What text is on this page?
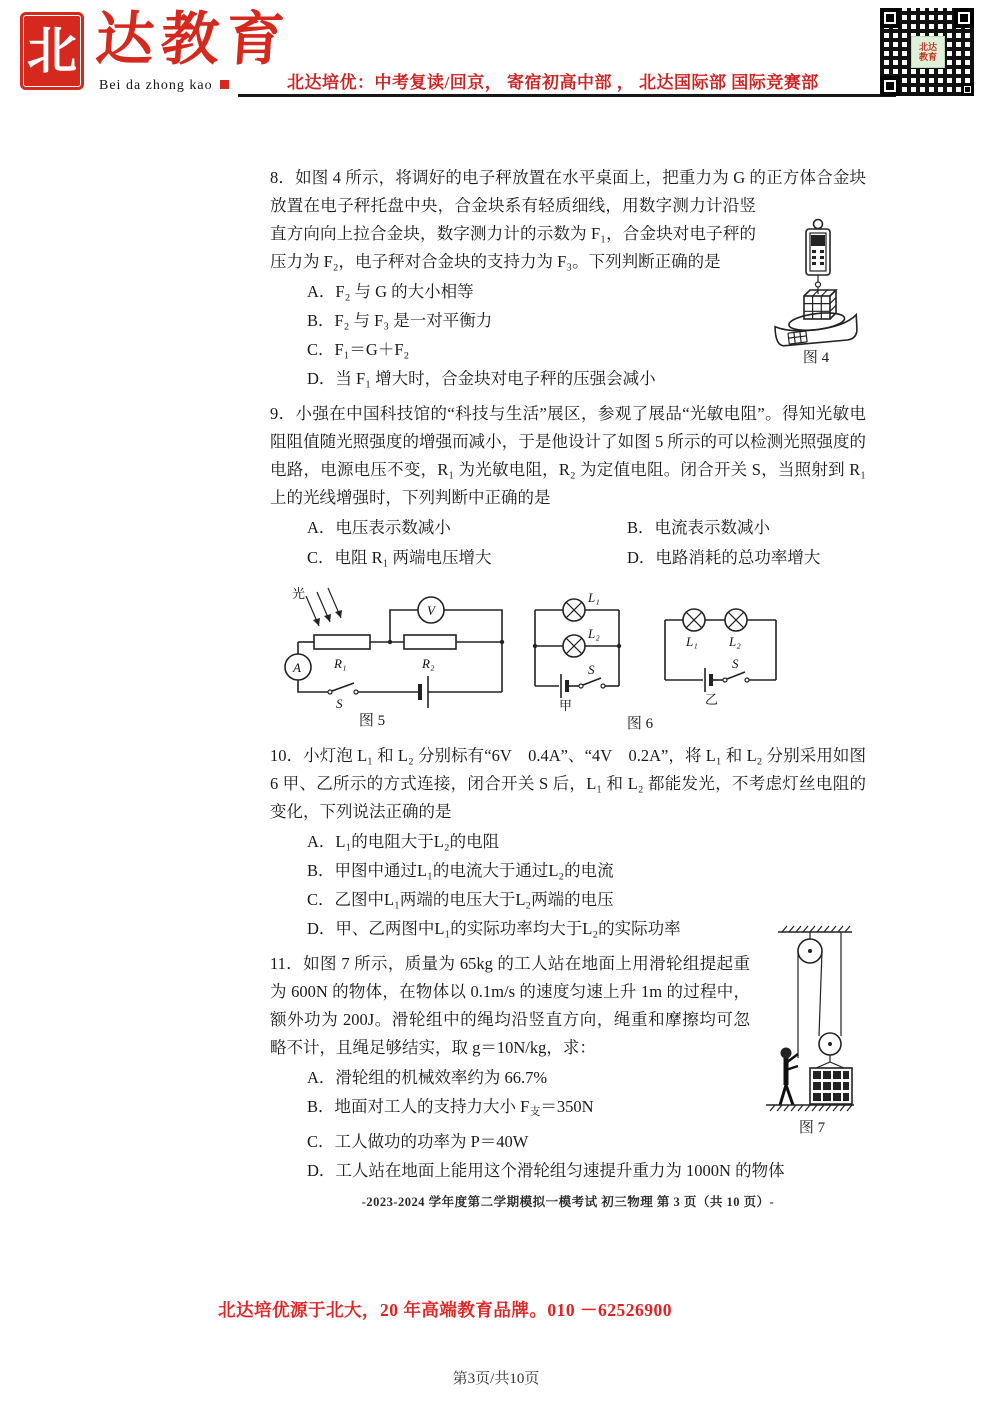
北 达教育
Bei da zhong kao	北达培优：中考复读/回京， 寄宿初高中部 ， 北达国际部 国际竞赛部
北达
教育
图 4

8．如图 4 所示，将调好的电子秤放置在水平桌面上，把重力为 G 的正方体合金块放置在电子秤托盘中央，合金块系有轻质细线，用数字测力计沿竖直方向向上拉合金块，数字测力计的示数为 F₁，合金块对电子秤的压力为 F₂，电子秤对合金块的支持力为 F₃。下列判断正确的是

A．F₂ 与 G 的大小相等
B．F₂ 与 F₃ 是一对平衡力
C．F₁＝G＋F₂
D．当 F₁ 增大时，合金块对电子秤的压强会减小

9．小强在中国科技馆的“科技与生活”展区，参观了展品“光敏电阻”。得知光敏电阻阻值随光照强度的增强而减小，于是他设计了如图 5 所示的可以检测光照强度的电路，电源电压不变，R₁ 为光敏电阻，R₂ 为定值电阻。闭合开关 S，当照射到 R₁ 上的光线增强时，下列判断中正确的是

A．电压表示数减小	B．电流表示数减小
C．电阻 R₁ 两端电压增大	D．电路消耗的总功率增大
光
V
A	R₁	R₂
S
图 5
L₁
L₂
S
甲
L₁ L₂
S
乙
图 6

10．小灯泡 L₁ 和 L₂ 分别标有“6V　0.4A”、“4V　0.2A”，将 L₁ 和 L₂ 分别采用如图 6 甲、乙所示的方式连接，闭合开关 S 后，L₁ 和 L₂ 都能发光，不考虑灯丝电阻的变化，下列说法正确的是

A．L₁的电阻大于L₂的电阻
B．甲图中通过L₁的电流大于通过L₂的电流
C．乙图中L₁两端的电压大于L₂两端的电压
D．甲、乙两图中L₁的实际功率均大于L₂的实际功率
图 7

11．如图 7 所示，质量为 65kg 的工人站在地面上用滑轮组提起重为 600N 的物体，在物体以 0.1m/s 的速度匀速上升 1m 的过程中，额外功为 200J。滑轮组中的绳均沿竖直方向，绳重和摩擦均可忽略不计，且绳足够结实，取 g＝10N/kg，求：

A．滑轮组的机械效率约为 66.7%
B．地面对工人的支持力大小 $F_支=350N$
C．工人做功的功率为 P＝40W
D．工人站在地面上能用这个滑轮组匀速提升重力为 1000N 的物体
-2023-2024 学年度第二学期模拟一模考试 初三物理 第 3 页（共 10 页）-
北达培优源于北大，20 年高端教育品牌。010 －62526900
第3页/共10页
